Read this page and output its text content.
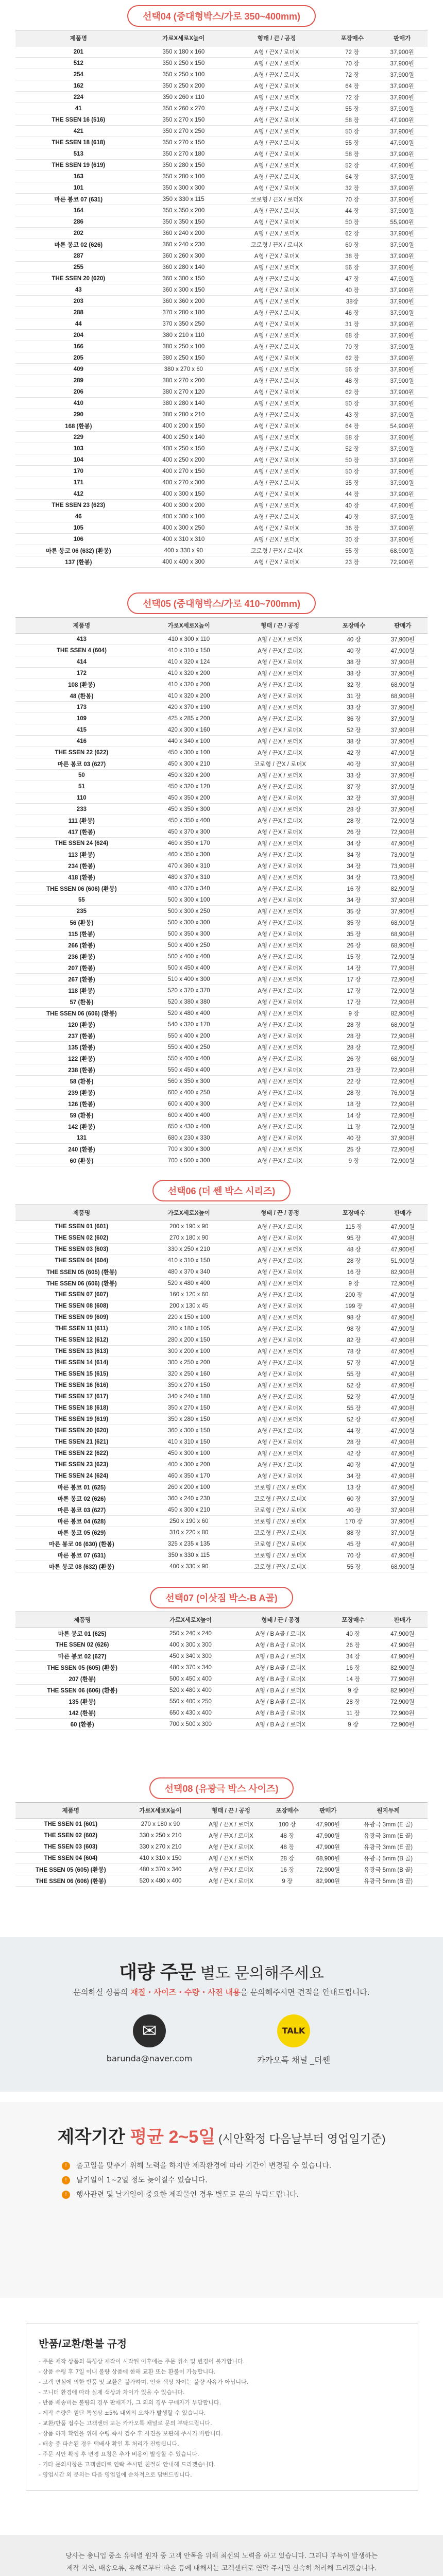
선택04 (중대형박스/가로 350~400mm)
제품명	가로X세로X높이	형태 / 끈 / 공정	포장매수	판매가
201	350 x 180 x 160	A형 / 끈X / 로더X	72 장	37,900원
512	350 x 250 x 150	A형 / 끈X / 로더X	70 장	37,900원
254	350 x 250 x 100	A형 / 끈X / 로더X	72 장	37,900원
162	350 x 250 x 200	A형 / 끈X / 로더X	64 장	37,900원
224	350 x 260 x 110	A형 / 끈X / 로더X	72 장	37,900원
41	350 x 260 x 270	A형 / 끈X / 로더X	55 장	37,900원
THE SSEN 16 (516)	350 x 270 x 150	A형 / 끈X / 로더X	58 장	47,900원
421	350 x 270 x 250	A형 / 끈X / 로더X	50 장	37,900원
THE SSEN 18 (618)	350 x 270 x 150	A형 / 끈X / 로더X	55 장	47,900원
513	350 x 270 x 180	A형 / 끈X / 로더X	58 장	37,900원
THE SSEN 19 (619)	350 x 280 x 150	A형 / 끈X / 로더X	52 장	47,900원
163	350 x 280 x 100	A형 / 끈X / 로더X	64 장	37,900원
101	350 x 300 x 300	A형 / 끈X / 로더X	32 장	37,900원
마른 봉코 07 (631)	350 x 330 x 115	코로형 / 끈X / 로더X	70 장	37,900원
164	350 x 350 x 200	A형 / 끈X / 로더X	44 장	37,900원
286	350 x 350 x 150	A형 / 끈X / 로더X	50 장	55,900원
202	360 x 240 x 200	A형 / 끈X / 로더X	62 장	37,900원
마른 봉코 02 (626)	360 x 240 x 230	코로형 / 끈X / 로더X	60 장	37,900원
287	360 x 260 x 300	A형 / 끈X / 로더X	38 장	37,900원
255	360 x 280 x 140	A형 / 끈X / 로더X	56 장	37,900원
THE SSEN 20 (620)	360 x 300 x 150	A형 / 끈X / 로더X	47 장	47,900원
43	360 x 300 x 150	A형 / 끈X / 로더X	40 장	37,900원
203	360 x 360 x 200	A형 / 끈X / 로더X	38장	37,900원
288	370 x 280 x 180	A형 / 끈X / 로더X	46 장	37,900원
44	370 x 350 x 250	A형 / 끈X / 로더X	31 장	37,900원
204	380 x 210 x 110	A형 / 끈X / 로더X	68 장	37,900원
166	380 x 250 x 100	A형 / 끈X / 로더X	70 장	37,900원
205	380 x 250 x 150	A형 / 끈X / 로더X	62 장	37,900원
409	380 x 270 x 60	A형 / 끈X / 로더X	56 장	37,900원
289	380 x 270 x 200	A형 / 끈X / 로더X	48 장	37,900원
206	380 x 270 x 120	A형 / 끈X / 로더X	62 장	37,900원
410	380 x 280 x 140	A형 / 끈X / 로더X	50 장	37,900원
290	380 x 280 x 210	A형 / 끈X / 로더X	43 장	37,900원
168 (환봉)	400 x 200 x 150	A형 / 끈X / 로더X	64 장	54,900원
229	400 x 250 x 140	A형 / 끈X / 로더X	58 장	37,900원
103	400 x 250 x 150	A형 / 끈X / 로더X	52 장	37,900원
104	400 x 250 x 200	A형 / 끈X / 로더X	50 장	37,900원
170	400 x 270 x 150	A형 / 끈X / 로더X	50 장	37,900원
171	400 x 270 x 300	A형 / 끈X / 로더X	35 장	37,900원
412	400 x 300 x 150	A형 / 끈X / 로더X	44 장	37,900원
THE SSEN 23 (623)	400 x 300 x 200	A형 / 끈X / 로더X	40 장	47,900원
46	400 x 300 x 100	A형 / 끈X / 로더X	40 장	37,900원
105	400 x 300 x 250	A형 / 끈X / 로더X	36 장	37,900원
106	400 x 310 x 310	A형 / 끈X / 로더X	30 장	37,900원
마른 봉코 06 (632) (환봉)	400 x 330 x 90	코로형 / 끈X / 로더X	55 장	68,900원
137 (환봉)	400 x 400 x 300	A형 / 끈X / 로더X	23 장	72,900원
선택05 (중대형박스/가로 410~700mm)
제품명	가로X세로X높이	형태 / 끈 / 공정	포장매수	판매가
413	410 x 300 x 110	A형 / 끈X / 로더X	40 장	37,900원
THE SSEN 4 (604)	410 x 310 x 150	A형 / 끈X / 로더X	40 장	47,900원
414	410 x 320 x 124	A형 / 끈X / 로더X	38 장	37,900원
172	410 x 320 x 200	A형 / 끈X / 로더X	38 장	37,900원
108 (환봉)	410 x 320 x 200	A형 / 끈X / 로더X	32 장	68,900원
48 (환봉)	410 x 320 x 200	A형 / 끈X / 로더X	31 장	68,900원
173	420 x 370 x 190	A형 / 끈X / 로더X	33 장	37,900원
109	425 x 285 x 200	A형 / 끈X / 로더X	36 장	37,900원
415	420 x 300 x 160	A형 / 끈X / 로더X	52 장	37,900원
416	440 x 340 x 100	A형 / 끈X / 로더X	38 장	37,900원
THE SSEN 22 (622)	450 x 300 x 100	A형 / 끈X / 로더X	42 장	47,900원
마른 봉코 03 (627)	450 x 300 x 210	코로형 / 끈X / 로더X	40 장	37,900원
50	450 x 320 x 200	A형 / 끈X / 로더X	33 장	37,900원
51	450 x 320 x 120	A형 / 끈X / 로더X	37 장	37,900원
110	450 x 350 x 200	A형 / 끈X / 로더X	32 장	37,900원
233	450 x 350 x 300	A형 / 끈X / 로더X	28 장	37,900원
111 (환봉)	450 x 350 x 400	A형 / 끈X / 로더X	28 장	72,900원
417 (환봉)	450 x 370 x 300	A형 / 끈X / 로더X	26 장	72,900원
THE SSEN 24 (624)	460 x 350 x 170	A형 / 끈X / 로더X	34 장	47,900원
113 (환봉)	460 x 350 x 300	A형 / 끈X / 로더X	34 장	73,900원
234 (환봉)	470 x 360 x 310	A형 / 끈X / 로더X	34 장	73,900원
418 (환봉)	480 x 370 x 310	A형 / 끈X / 로더X	34 장	73,900원
THE SSEN 06 (606) (환봉)	480 x 370 x 340	A형 / 끈X / 로더X	16 장	82,900원
55	500 x 300 x 100	A형 / 끈X / 로더X	34 장	37,900원
235	500 x 300 x 250	A형 / 끈X / 로더X	35 장	37,900원
56 (환봉)	500 x 300 x 300	A형 / 끈X / 로더X	35 장	68,900원
115 (환봉)	500 x 350 x 300	A형 / 끈X / 로더X	35 장	68,900원
266 (환봉)	500 x 400 x 250	A형 / 끈X / 로더X	26 장	68,900원
236 (환봉)	500 x 400 x 400	A형 / 끈X / 로더X	15 장	72,900원
207 (환봉)	500 x 450 x 400	A형 / 끈X / 로더X	14 장	77,900원
267 (환봉)	510 x 400 x 300	A형 / 끈X / 로더X	17 장	72,900원
118 (환봉)	520 x 370 x 370	A형 / 끈X / 로더X	17 장	72,900원
57 (환봉)	520 x 380 x 380	A형 / 끈X / 로더X	17 장	72,900원
THE SSEN 06 (606) (환봉)	520 x 480 x 400	A형 / 끈X / 로더X	9 장	82,900원
120 (환봉)	540 x 320 x 170	A형 / 끈X / 로더X	28 장	68,900원
237 (환봉)	550 x 400 x 200	A형 / 끈X / 로더X	28 장	72,900원
135 (환봉)	550 x 400 x 250	A형 / 끈X / 로더X	28 장	72,900원
122 (환봉)	550 x 400 x 400	A형 / 끈X / 로더X	26 장	68,900원
238 (환봉)	550 x 450 x 400	A형 / 끈X / 로더X	23 장	72,900원
58 (환봉)	560 x 350 x 300	A형 / 끈X / 로더X	22 장	72,900원
239 (환봉)	600 x 400 x 250	A형 / 끈X / 로더X	28 장	76,900원
126 (환봉)	600 x 400 x 300	A형 / 끈X / 로더X	18 장	72,900원
59 (환봉)	600 x 400 x 400	A형 / 끈X / 로더X	14 장	72,900원
142 (환봉)	650 x 430 x 400	A형 / 끈X / 로더X	11 장	72,900원
131	680 x 230 x 330	A형 / 끈X / 로더X	40 장	37,900원
240 (환봉)	700 x 300 x 300	A형 / 끈X / 로더X	25 장	72,900원
60 (환봉)	700 x 500 x 300	A형 / 끈X / 로더X	9 장	72,900원
선택06 (더 쎈 박스 시리즈)
제품명	가로X세로X높이	형태 / 끈 / 공정	포장매수	판매가
THE SSEN 01 (601)	200 x 190 x 90	A형 / 끈X / 로더X	115 장	47,900원
THE SSEN 02 (602)	270 x 180 x 90	A형 / 끈X / 로더X	95 장	47,900원
THE SSEN 03 (603)	330 x 250 x 210	A형 / 끈X / 로더X	48 장	47,900원
THE SSEN 04 (604)	410 x 310 x 150	A형 / 끈X / 로더X	28 장	51,900원
THE SSEN 05 (605) (환봉)	480 x 370 x 340	A형 / 끈X / 로더X	16 장	82,900원
THE SSEN 06 (606) (환봉)	520 x 480 x 400	A형 / 끈X / 로더X	9 장	72,900원
THE SSEN 07 (607)	160 x 120 x 60	A형 / 끈X / 로더X	200 장	47,900원
THE SSEN 08 (608)	200 x 130 x 45	A형 / 끈X / 로더X	199 장	47,900원
THE SSEN 09 (609)	220 x 150 x 100	A형 / 끈X / 로더X	98 장	47,900원
THE SSEN 11 (611)	280 x 180 x 105	A형 / 끈X / 로더X	98 장	47,900원
THE SSEN 12 (612)	280 x 200 x 150	A형 / 끈X / 로더X	82 장	47,900원
THE SSEN 13 (613)	300 x 200 x 100	A형 / 끈X / 로더X	78 장	47,900원
THE SSEN 14 (614)	300 x 250 x 200	A형 / 끈X / 로더X	57 장	47,900원
THE SSEN 15 (615)	320 x 250 x 160	A형 / 끈X / 로더X	55 장	47,900원
THE SSEN 16 (616)	350 x 270 x 150	A형 / 끈X / 로더X	52 장	47,900원
THE SSEN 17 (617)	340 x 240 x 180	A형 / 끈X / 로더X	52 장	47,900원
THE SSEN 18 (618)	350 x 270 x 150	A형 / 끈X / 로더X	55 장	47,900원
THE SSEN 19 (619)	350 x 280 x 150	A형 / 끈X / 로더X	52 장	47,900원
THE SSEN 20 (620)	360 x 300 x 150	A형 / 끈X / 로더X	44 장	47,900원
THE SSEN 21 (621)	410 x 310 x 150	A형 / 끈X / 로더X	28 장	47,900원
THE SSEN 22 (622)	450 x 300 x 100	A형 / 끈X / 로더X	42 장	47,900원
THE SSEN 23 (623)	400 x 300 x 200	A형 / 끈X / 로더X	40 장	47,900원
THE SSEN 24 (624)	460 x 350 x 170	A형 / 끈X / 로더X	34 장	47,900원
마른 봉코 01 (625)	260 x 200 x 100	코로형 / 끈X / 로더X	13 장	47,900원
마른 봉코 02 (626)	360 x 240 x 230	코로형 / 끈X / 로더X	60 장	37,900원
마른 봉코 03 (627)	450 x 300 x 210	코로형 / 끈X / 로더X	40 장	37,900원
마른 봉코 04 (628)	250 x 190 x 60	코로형 / 끈X / 로더X	170 장	37,900원
마른 봉코 05 (629)	310 x 220 x 80	코로형 / 끈X / 로더X	88 장	37,900원
마른 봉코 06 (630) (환봉)	325 x 235 x 135	코로형 / 끈X / 로더X	45 장	47,900원
마른 봉코 07 (631)	350 x 330 x 115	코로형 / 끈X / 로더X	70 장	47,900원
마른 봉코 08 (632) (환봉)	400 x 330 x 90	코로형 / 끈X / 로더X	55 장	68,900원
선택07 (이삿짐 박스-B A골)
제품명	가로X세로X높이	형태 / 끈 / 공정	포장매수	판매가
마른 봉코 01 (625)	250 x 240 x 240	A형 / B A골 / 로더X	40 장	47,900원
THE SSEN 02 (626)	400 x 300 x 300	A형 / B A골 / 로더X	26 장	47,900원
마른 봉코 02 (627)	450 x 340 x 300	A형 / B A골 / 로더X	34 장	47,900원
THE SSEN 05 (605) (환봉)	480 x 370 x 340	A형 / B A골 / 로더X	16 장	82,900원
207 (환봉)	500 x 450 x 400	A형 / B A골 / 로더X	14 장	77,900원
THE SSEN 06 (606) (환봉)	520 x 480 x 400	A형 / B A골 / 로더X	9 장	82,900원
135 (환봉)	550 x 400 x 250	A형 / B A골 / 로더X	28 장	72,900원
142 (환봉)	650 x 430 x 400	A형 / B A골 / 로더X	11 장	72,900원
60 (환봉)	700 x 500 x 300	A형 / B A골 / 로더X	9 장	72,900원
선택08 (유광극 박스 사이즈)
제품명	가로X세로X높이	형태 / 끈 / 공정	포장매수	판매가	원지두께
THE SSEN 01 (601)	270 x 180 x 90	A형 / 끈X / 로더X	100 장	47,900원	유광극 3mm (E 골)
THE SSEN 02 (602)	330 x 250 x 210	A형 / 끈X / 로더X	48 장	47,900원	유광극 3mm (E 골)
THE SSEN 03 (603)	330 x 270 x 210	A형 / 끈X / 로더X	48 장	47,900원	유광극 3mm (E 골)
THE SSEN 04 (604)	410 x 310 x 150	A형 / 끈X / 로더X	28 장	68,900원	유광극 5mm (B 골)
THE SSEN 05 (605) (환봉)	480 x 370 x 340	A형 / 끈X / 로더X	16 장	72,900원	유광극 5mm (B 골)
THE SSEN 06 (606) (환봉)	520 x 480 x 400	A형 / 끈X / 로더X	9 장	82,900원	유광극 5mm (B 골)
대량 주문 별도 문의해주세요
문의하실 상품의 재질 · 사이즈 · 수량 · 사전 내용을 문의해주시면 견적을 안내드립니다.
✉
barunda@naver.com
TALK
카카오톡 채널 _더쎈
제작기간 평균 2~5일 (시안확정 다음날부터 영업일기준)
!	출고일을 맞추기 위해 노력을 하지만 제작환경에 따라 기간이 변경될 수 있습니다.
!	날기일이 1~2일 정도 늦어질수 있습니다.
!	행사관련 및 날기일이 중요한 제작물인 경우 별도로 문의 부탁드립니다.
반품/교환/환불 규정
- 주문 제작 상품의 특성상 제작이 시작된 이후에는 주문 취소 및 변경이 불가합니다.
- 상품 수령 후 7일 이내 불량 상품에 한해 교환 또는 환불이 가능합니다.
- 고객 변심에 의한 반품 및 교환은 불가하며, 인쇄 색상 차이는 불량 사유가 아닙니다.
- 모니터 환경에 따라 실제 색상과 차이가 있을 수 있습니다.
- 반품 배송비는 불량의 경우 판매자가, 그 외의 경우 구매자가 부담합니다.
- 제작 수량은 원단 특성상 ±5% 내외의 오차가 발생할 수 있습니다.
- 교환/반품 접수는 고객센터 또는 카카오톡 채널로 문의 부탁드립니다.
- 상품 하자 확인을 위해 수령 즉시 검수 후 사진을 보관해 주시기 바랍니다.
- 배송 중 파손된 경우 택배사 확인 후 처리가 진행됩니다.
- 주문 시안 확정 후 변경 요청은 추가 비용이 발생할 수 있습니다.
- 기타 문의사항은 고객센터로 연락 주시면 친절히 안내해 드리겠습니다.
- 영업시간 외 문의는 다음 영업일에 순차적으로 답변드립니다.
당사는 총니업 중소 유해별 원자 중 고객 안목을 위해 최선의 노력을 하고 있습니다. 그러나 부득이 발생하는
제작 지연, 배송오류, 유해로부터 파손 등에 대해서는 고객센터로 연락 주시면 신속히 처리해 드리겠습니다.
